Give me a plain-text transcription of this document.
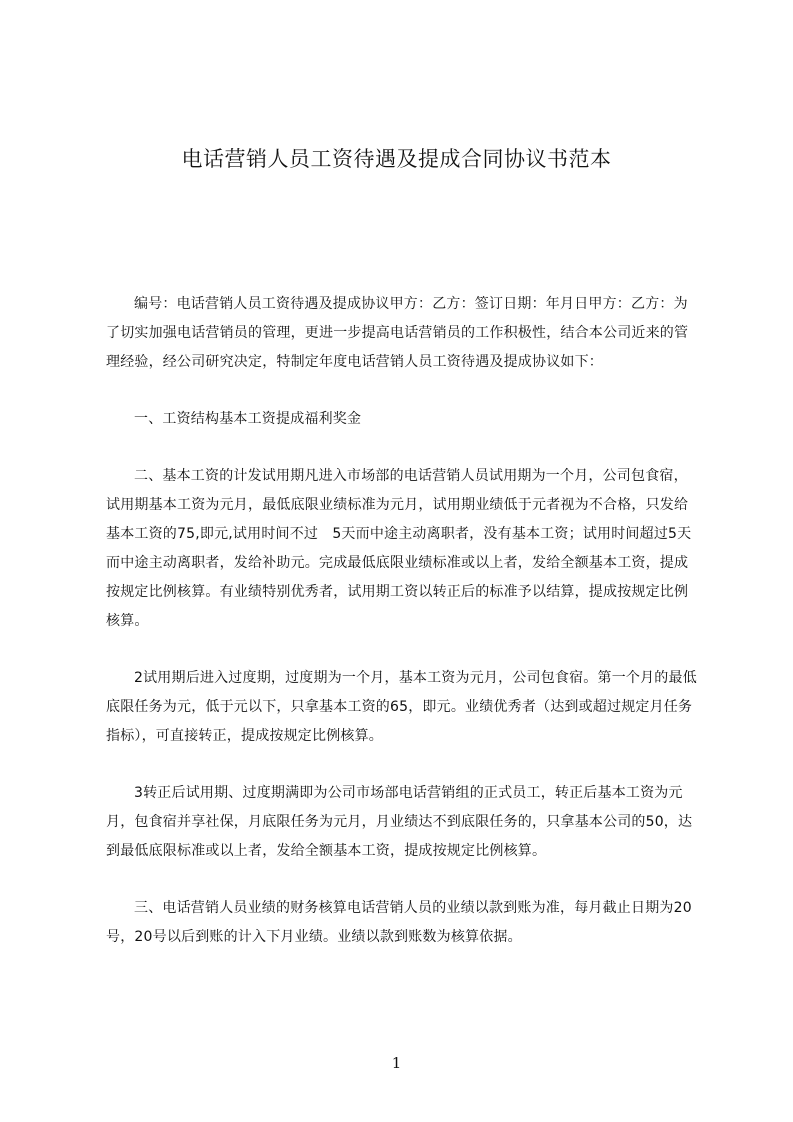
电话营销人员工资待遇及提成合同协议书范本

编号：电话营销人员工资待遇及提成协议甲方：乙方：签订日期：年月日甲方：乙方：为了切实加强电话营销员的管理，更进一步提高电话营销员的工作积极性，结合本公司近来的管理经验，经公司研究决定，特制定年度电话营销人员工资待遇及提成协议如下：

一、工资结构基本工资提成福利奖金

二、基本工资的计发试用期凡进入市场部的电话营销人员试用期为一个月，公司包食宿，试用期基本工资为元月，最低底限业绩标准为元月，试用期业绩低于元者视为不合格，只发给基本工资的75,即元,试用时间不过　5天而中途主动离职者，没有基本工资；试用时间超过5天而中途主动离职者，发给补助元。完成最低底限业绩标准或以上者，发给全额基本工资，提成按规定比例核算。有业绩特别优秀者，试用期工资以转正后的标准予以结算，提成按规定比例核算。

2试用期后进入过度期，过度期为一个月，基本工资为元月，公司包食宿。第一个月的最低底限任务为元，低于元以下，只拿基本工资的65，即元。业绩优秀者（达到或超过规定月任务指标），可直接转正，提成按规定比例核算。

3转正后试用期、过度期满即为公司市场部电话营销组的正式员工，转正后基本工资为元月，包食宿并享社保，月底限任务为元月，月业绩达不到底限任务的，只拿基本公司的50，达到最低底限标准或以上者，发给全额基本工资，提成按规定比例核算。

三、电话营销人员业绩的财务核算电话营销人员的业绩以款到账为准，每月截止日期为20号，20号以后到账的计入下月业绩。业绩以款到账数为核算依据。

1
